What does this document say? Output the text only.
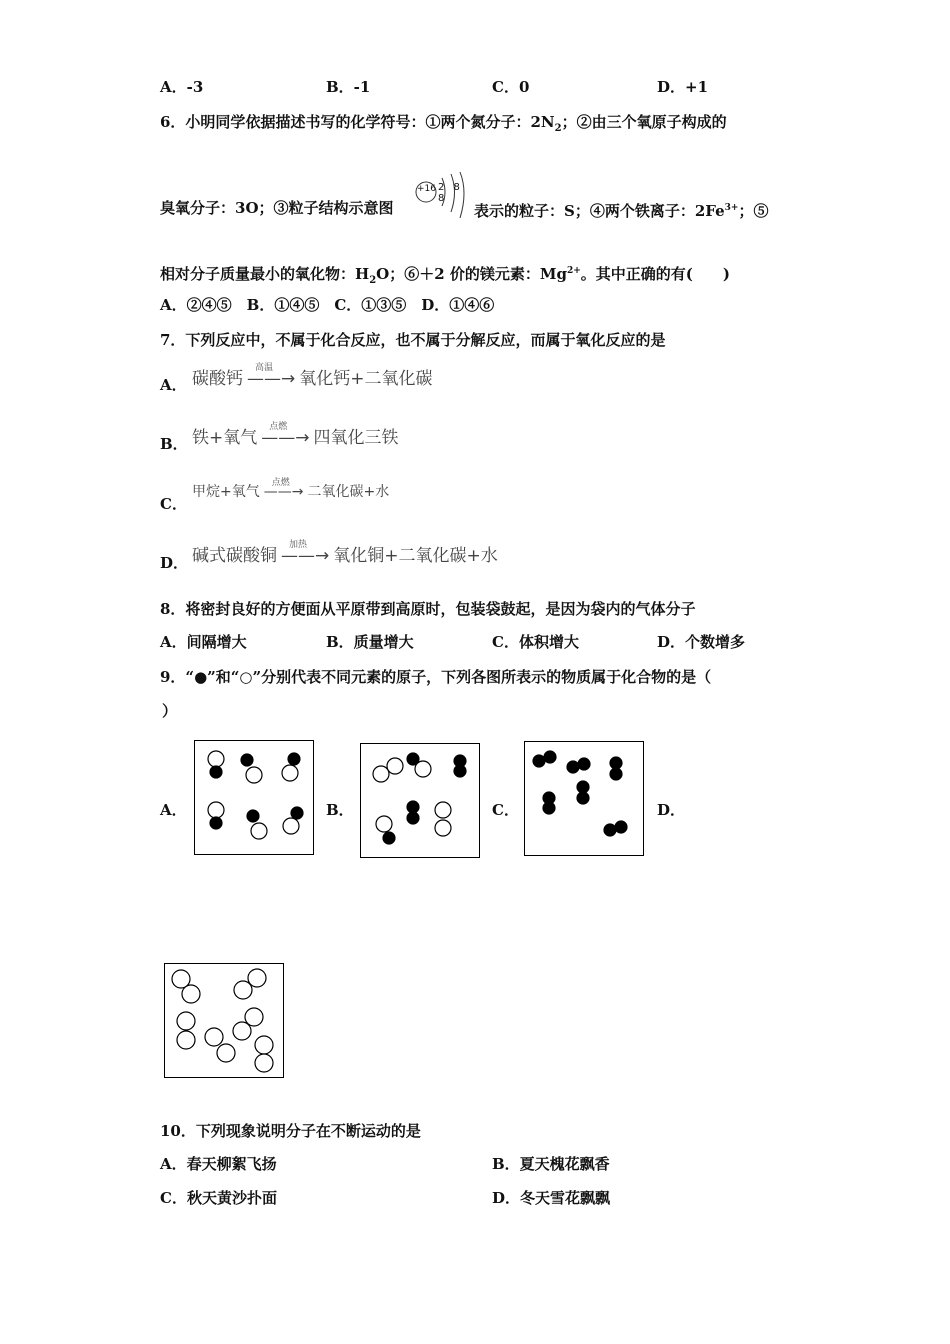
A．-3	B．-1	C．0	D．+1
6．小明同学依据描述书写的化学符号：①两个氮分子：$2N_2$；②由三个氧原子构成的
+16 2 8 8
臭氧分子：3O；③粒子结构示意图	表示的粒子：S；④两个铁离子：$2Fe^{3+}$；⑤
相对分子质量最小的氧化物：$H_2O$；⑥＋2 价的镁元素：$Mg^{2+}$。其中正确的有(　　)
A．②④⑤　B．①④⑤　C．①③⑤　D．①④⑥
7．下列反应中，不属于化合反应，也不属于分解反应，而属于氧化反应的是
A． 碳酸钙 —
高温
—→ 氧化钙+二氧化碳
B． 铁+氧气 —
点燃
—→ 四氧化三铁
C．
甲烷+氧气 —
点燃
—→ 二氧化碳+水
D． 碱式碳酸铜 —
加热
—→ 氧化铜+二氧化碳+水
8．将密封良好的方便面从平原带到高原时，包装袋鼓起，是因为袋内的气体分子
A．间隔增大	B．质量增大	C．体积增大	D．个数增多
9．“●”和“○”分别代表不同元素的原子，下列各图所表示的物质属于化合物的是（
）
A．	B．	C．	D．
10．下列现象说明分子在不断运动的是
A．春天柳絮飞扬	B．夏天槐花飘香
C．秋天黄沙扑面	D．冬天雪花飘飘
